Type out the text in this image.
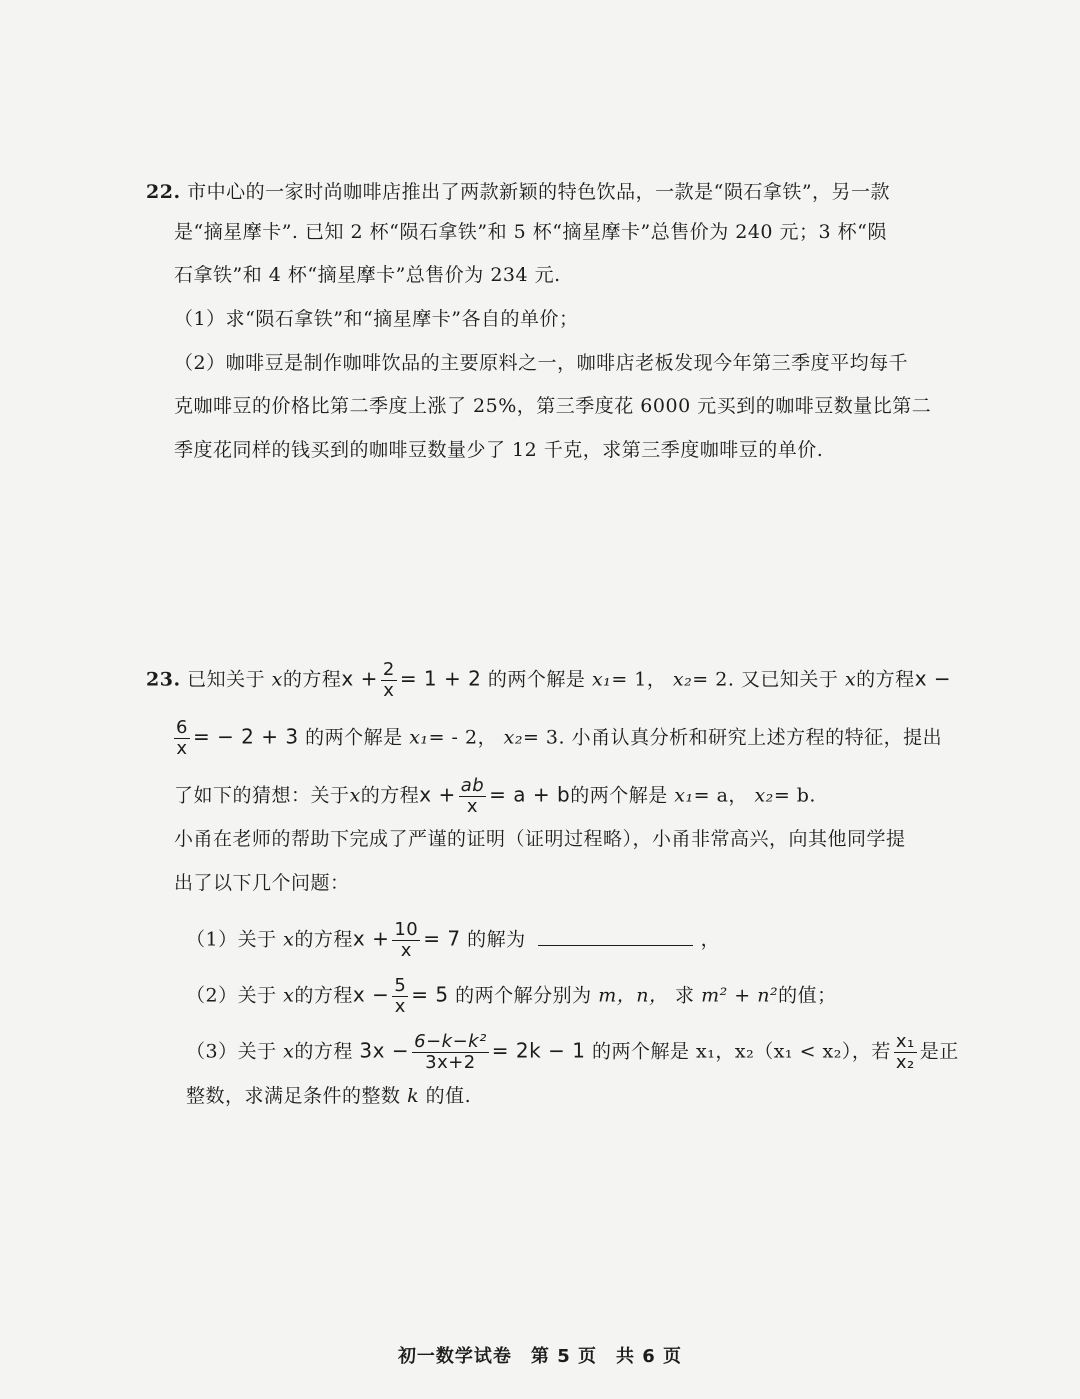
22. 市中心的一家时尚咖啡店推出了两款新颖的特色饮品，一款是“陨石拿铁”，另一款
是“摘星摩卡”. 已知 2 杯“陨石拿铁”和 5 杯“摘星摩卡”总售价为 240 元；3 杯“陨
石拿铁”和 4 杯“摘星摩卡”总售价为 234 元.
（1）求“陨石拿铁”和“摘星摩卡”各自的单价；
（2）咖啡豆是制作咖啡饮品的主要原料之一，咖啡店老板发现今年第三季度平均每千
克咖啡豆的价格比第二季度上涨了 25%，第三季度花 6000 元买到的咖啡豆数量比第二
季度花同样的钱买到的咖啡豆数量少了 12 千克，求第三季度咖啡豆的单价.
23. 已知关于 x的方程$x + \frac{2}{x} = 1 + 2$ 的两个解是 x₁= 1， x₂= 2. 又已知关于 x的方程x −
$\frac{6}{x}$ = − 2 + 3 的两个解是 x₁= - 2， x₂= 3. 小甬认真分析和研究上述方程的特征，提出
了如下的猜想：关于x的方程$x + \frac{ab}{x} = a + b$的两个解是 x₁= a， x₂= b.
小甬在老师的帮助下完成了严谨的证明（证明过程略），小甬非常高兴，向其他同学提
出了以下几个问题：
（1）关于 x的方程$x + \frac{10}{x} = 7$ 的解为	，
（2）关于 x的方程$x - \frac{5}{x} = 5$ 的两个解分别为 m，n， 求 m² + n²的值；
（3）关于 x的方程 $3x - \frac{\text{6−k−k²}}{3x+2} = 2k - 1$ 的两个解是 x₁，x₂（x₁ < x₂），若 $\frac{\text{x₁}}{\text{x₂}}$ 是正
整数，求满足条件的整数 k 的值.
初一数学试卷　第 5 页　共 6 页
